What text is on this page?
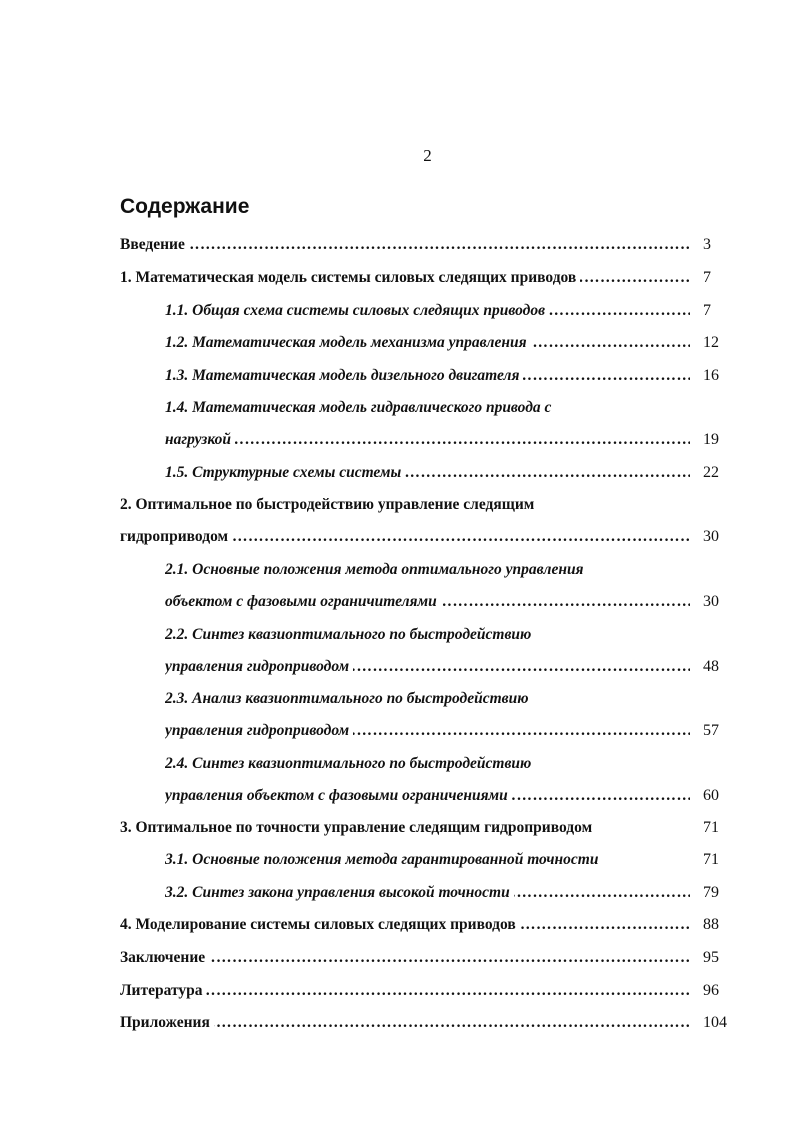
2
Содержание
Введение …………………………………………………………………………………………………………………………………………………………………………	3
1. Математическая модель системы силовых следящих приводов …………………………………………………………………………………………………………………………………………………………………………	7
1.1. Общая схема системы силовых следящих приводов …………………………………………………………………………………………………………………………………………………………………………	7
1.2. Математическая модель механизма управления …………………………………………………………………………………………………………………………………………………………………………	12
1.3. Математическая модель дизельного двигателя …………………………………………………………………………………………………………………………………………………………………………	16
1.4. Математическая модель гидравлического привода с
нагрузкой …………………………………………………………………………………………………………………………………………………………………………	19
1.5. Структурные схемы системы …………………………………………………………………………………………………………………………………………………………………………	22
2. Оптимальное по быстродействию управление следящим
гидроприводом …………………………………………………………………………………………………………………………………………………………………………	30
2.1. Основные положения метода оптимального управления
объектом с фазовыми ограничителями …………………………………………………………………………………………………………………………………………………………………………	30
2.2. Синтез квазиоптимального по быстродействию
управления гидроприводом …………………………………………………………………………………………………………………………………………………………………………	48
2.3. Анализ квазиоптимального по быстродействию
управления гидроприводом …………………………………………………………………………………………………………………………………………………………………………	57
2.4. Синтез квазиоптимального по быстродействию
управления объектом с фазовыми ограничениями …………………………………………………………………………………………………………………………………………………………………………	60
3. Оптимальное по точности управление следящим гидроприводом	71
3.1. Основные положения метода гарантированной точности	71
3.2. Синтез закона управления высокой точности …………………………………………………………………………………………………………………………………………………………………………	79
4. Моделирование системы силовых следящих приводов …………………………………………………………………………………………………………………………………………………………………………	88
Заключение …………………………………………………………………………………………………………………………………………………………………………	95
Литература …………………………………………………………………………………………………………………………………………………………………………	96
Приложения …………………………………………………………………………………………………………………………………………………………………………	104
